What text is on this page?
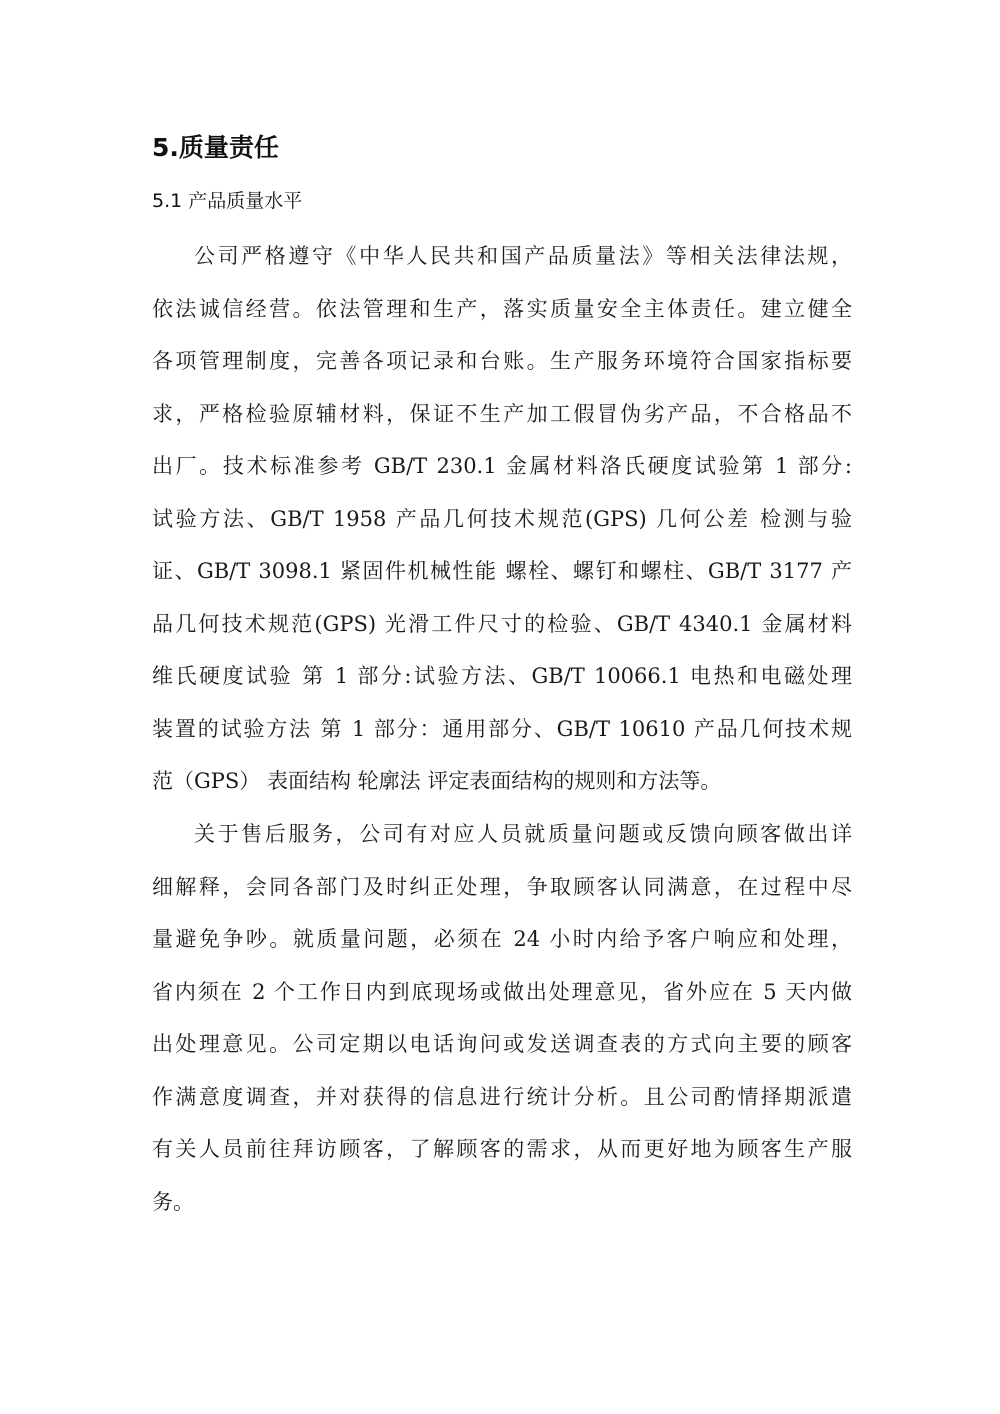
5.质量责任
5.1 产品质量水平

公司严格遵守《中华人民共和国产品质量法》等相关法律法规，
依法诚信经营。依法管理和生产，落实质量安全主体责任。建立健全
各项管理制度，完善各项记录和台账。生产服务环境符合国家指标要
求，严格检验原辅材料，保证不生产加工假冒伪劣产品，不合格品不
出厂。技术标准参考 GB/T 230.1 金属材料洛氏硬度试验第 1 部分:
试验方法、GB/T 1958 产品几何技术规范(GPS) 几何公差 检测与验
证、GB/T 3098.1 紧固件机械性能 螺栓、螺钉和螺柱、GB/T 3177 产
品几何技术规范(GPS) 光滑工件尺寸的检验、GB/T 4340.1 金属材料
维氏硬度试验 第 1 部分:试验方法、GB/T 10066.1 电热和电磁处理
装置的试验方法 第 1 部分：通用部分、GB/T 10610 产品几何技术规
范（GPS） 表面结构 轮廓法 评定表面结构的规则和方法等。

关于售后服务，公司有对应人员就质量问题或反馈向顾客做出详
细解释，会同各部门及时纠正处理，争取顾客认同满意，在过程中尽
量避免争吵。就质量问题，必须在 24 小时内给予客户响应和处理，
省内须在 2 个工作日内到底现场或做出处理意见，省外应在 5 天内做
出处理意见。公司定期以电话询问或发送调查表的方式向主要的顾客
作满意度调查，并对获得的信息进行统计分析。且公司酌情择期派遣
有关人员前往拜访顾客，了解顾客的需求，从而更好地为顾客生产服
务。
